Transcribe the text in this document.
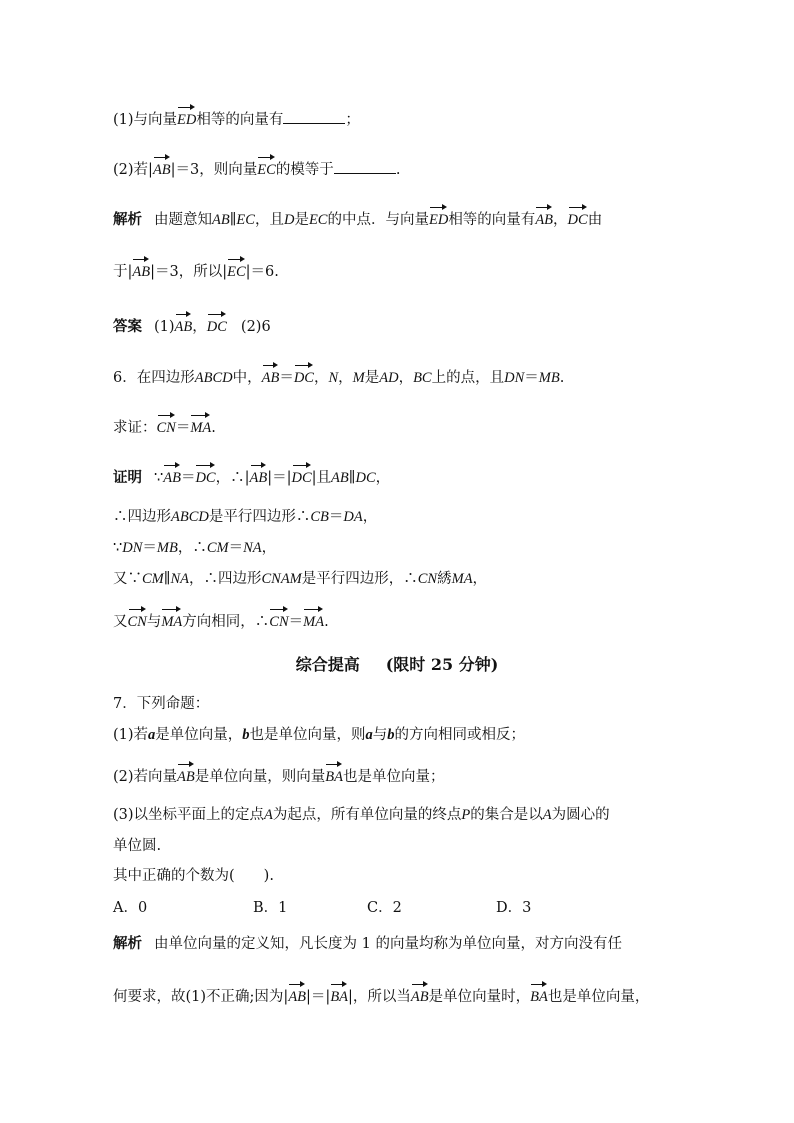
(1)与向量ED相等的向量有	；
(2)若|AB|＝3，则向量EC的模等于	.
解析 由题意知AB∥EC，且D是EC的中点．与向量ED相等的向量有AB，DC由
于|AB|＝3，所以|EC|＝6.
答案 (1)AB，DC (2)6
6．在四边形ABCD中，AB＝DC，N，M是AD，BC上的点，且DN＝MB.
求证：CN＝MA.
证明 ∵AB＝DC，∴|AB|＝|DC|且AB∥DC，
∴四边形ABCD是平行四边形∴CB＝DA，
∵DN＝MB，∴CM＝NA，
又∵CM∥NA，∴四边形CNAM是平行四边形，∴CN綉MA，
又CN与MA方向相同，∴CN＝MA.
综合提高 (限时 25 分钟)
7．下列命题：
(1)若a是单位向量，b也是单位向量，则a与b的方向相同或相反；
(2)若向量AB是单位向量，则向量BA也是单位向量；
(3)以坐标平面上的定点A为起点，所有单位向量的终点P的集合是以A为圆心的
单位圆.
其中正确的个数为(　　).
A．0	B．1	C．2	D．3
解析 由单位向量的定义知，凡长度为 1 的向量均称为单位向量，对方向没有任
何要求，故(1)不正确;因为|AB|＝|BA|，所以当AB是单位向量时，BA也是单位向量，
